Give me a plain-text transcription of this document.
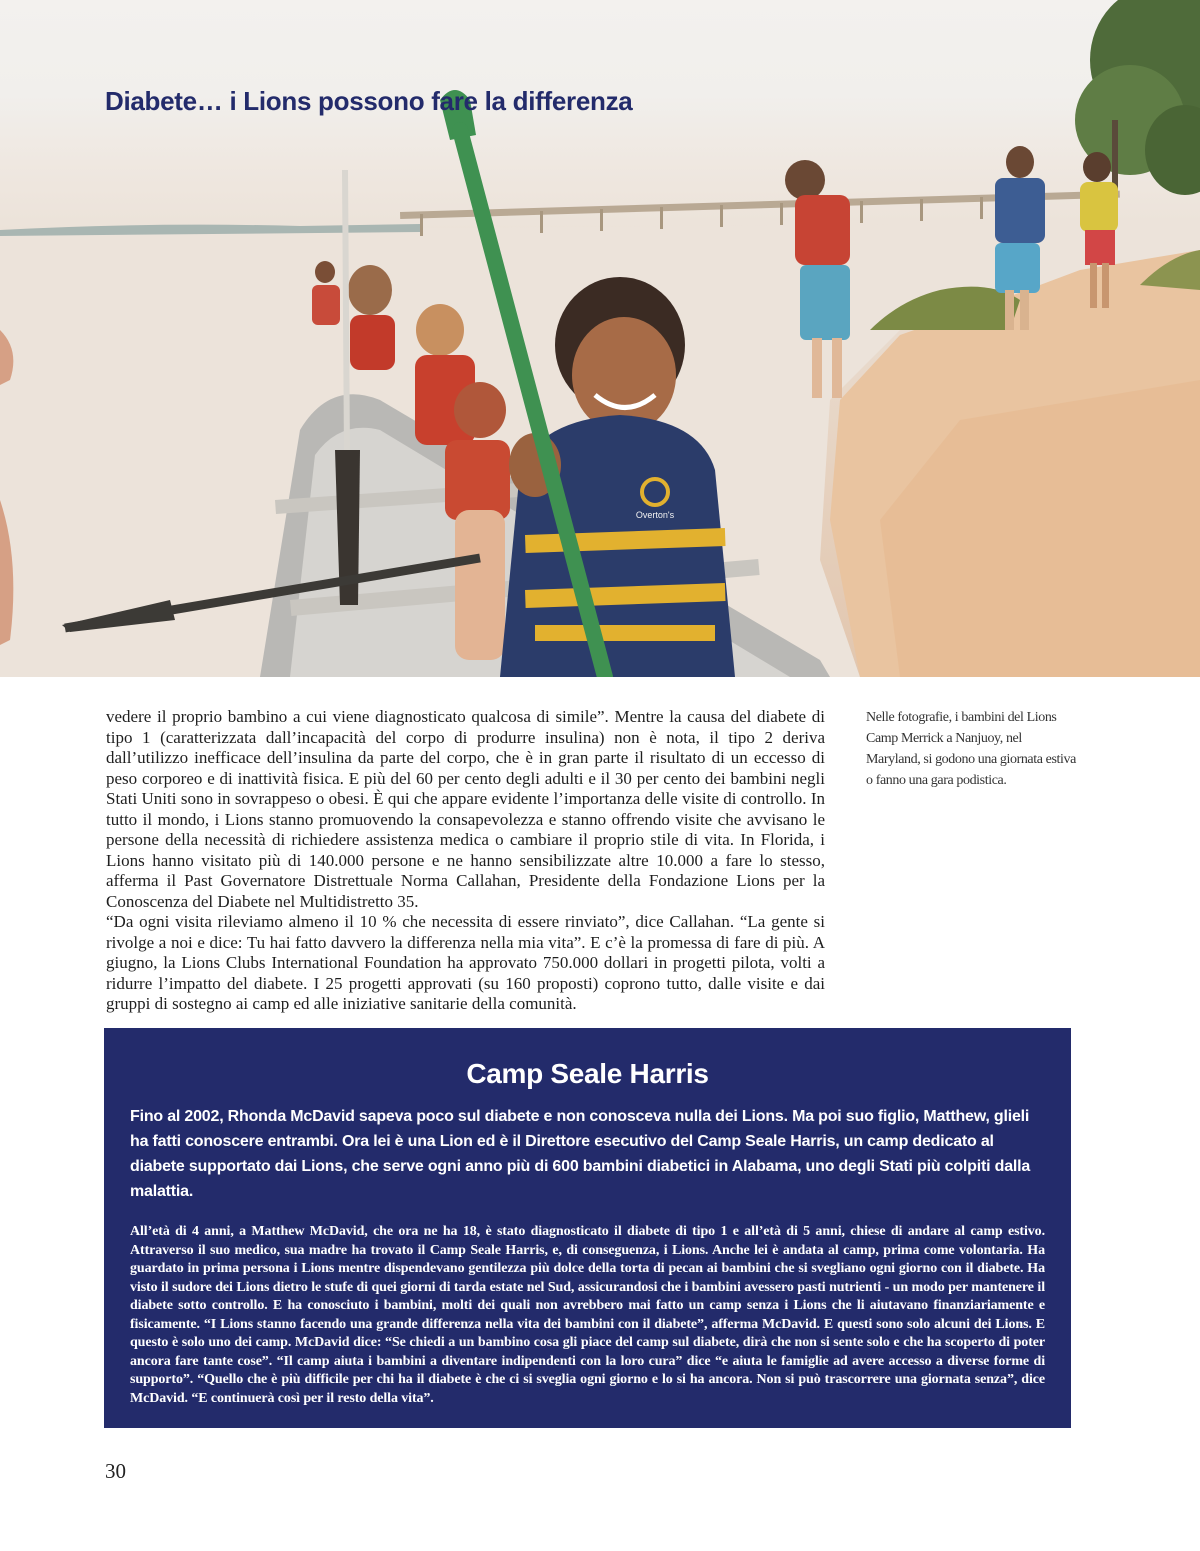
Overton's
Diabete… i Lions possono fare la differenza

vedere il proprio bambino a cui viene diagnosticato qualcosa di simile”. Mentre la causa del diabete di tipo 1 (caratterizzata dall’incapacità del corpo di produrre insulina) non è nota, il tipo 2 deriva dall’utilizzo inefficace dell’insulina da parte del corpo, che è in gran parte il risultato di un eccesso di peso corporeo e di inattività fisica. E più del 60 per cento degli adulti e il 30 per cento dei bambini negli Stati Uniti sono in sovrappeso o obesi. È qui che appare evidente l’importanza delle visite di controllo. In tutto il mondo, i Lions stanno promuovendo la consapevolezza e stanno offrendo visite che avvisano le persone della necessità di richiedere assistenza medica o cambiare il proprio stile di vita. In Florida, i Lions hanno visitato più di 140.000 persone e ne hanno sensibilizzate altre 10.000 a fare lo stesso, afferma il Past Governatore Distrettuale Norma Callahan, Presidente della Fondazione Lions per la Conoscenza del Diabete nel Multidistretto 35.

“Da ogni visita rileviamo almeno il 10 % che necessita di essere rinviato”, dice Callahan. “La gente si rivolge a noi e dice: Tu hai fatto davvero la differenza nella mia vita”. E c’è la promessa di fare di più. A giugno, la Lions Clubs International Foundation ha approvato 750.000 dollari in progetti pilota, volti a ridurre l’impatto del diabete. I 25 progetti approvati (su 160 proposti) coprono tutto, dalle visite e dai gruppi di sostegno ai camp ed alle iniziative sanitarie della comunità.

Nelle fotografie, i bambini del Lions Camp Merrick a Nanjuoy, nel Maryland, si godono una giornata estiva o fanno una gara podistica.
Camp Seale Harris

Fino al 2002, Rhonda McDavid sapeva poco sul diabete e non conosceva nulla dei Lions. Ma poi suo figlio, Matthew, glieli ha fatti conoscere entrambi. Ora lei è una Lion ed è il Direttore esecutivo del Camp Seale Harris, un camp dedicato al diabete supportato dai Lions, che serve ogni anno più di 600 bambini diabetici in Alabama, uno degli Stati più colpiti dalla malattia.

All’età di 4 anni, a Matthew McDavid, che ora ne ha 18, è stato diagnosticato il diabete di tipo 1 e all’età di 5 anni, chiese di andare al camp estivo. Attraverso il suo medico, sua madre ha trovato il Camp Seale Harris, e, di conseguenza, i Lions. Anche lei è andata al camp, prima come volontaria. Ha guardato in prima persona i Lions mentre dispendevano gentilezza più dolce della torta di pecan ai bambini che si svegliano ogni giorno con il diabete. Ha visto il sudore dei Lions dietro le stufe di quei giorni di tarda estate nel Sud, assicurandosi che i bambini avessero pasti nutrienti - un modo per mantenere il diabete sotto controllo. E ha conosciuto i bambini, molti dei quali non avrebbero mai fatto un camp senza i Lions che li aiutavano finanziariamente e fisicamente. “I Lions stanno facendo una grande differenza nella vita dei bambini con il diabete”, afferma McDavid. E questi sono solo alcuni dei Lions. E questo è solo uno dei camp. McDavid dice: “Se chiedi a un bambino cosa gli piace del camp sul diabete, dirà che non si sente solo e che ha scoperto di poter ancora fare tante cose”. “Il camp aiuta i bambini a diventare indipendenti con la loro cura” dice “e aiuta le famiglie ad avere accesso a diverse forme di supporto”. “Quello che è più difficile per chi ha il diabete è che ci si sveglia ogni giorno e lo si ha ancora. Non si può trascorrere una giornata senza”, dice McDavid. “E continuerà così per il resto della vita”.

30
